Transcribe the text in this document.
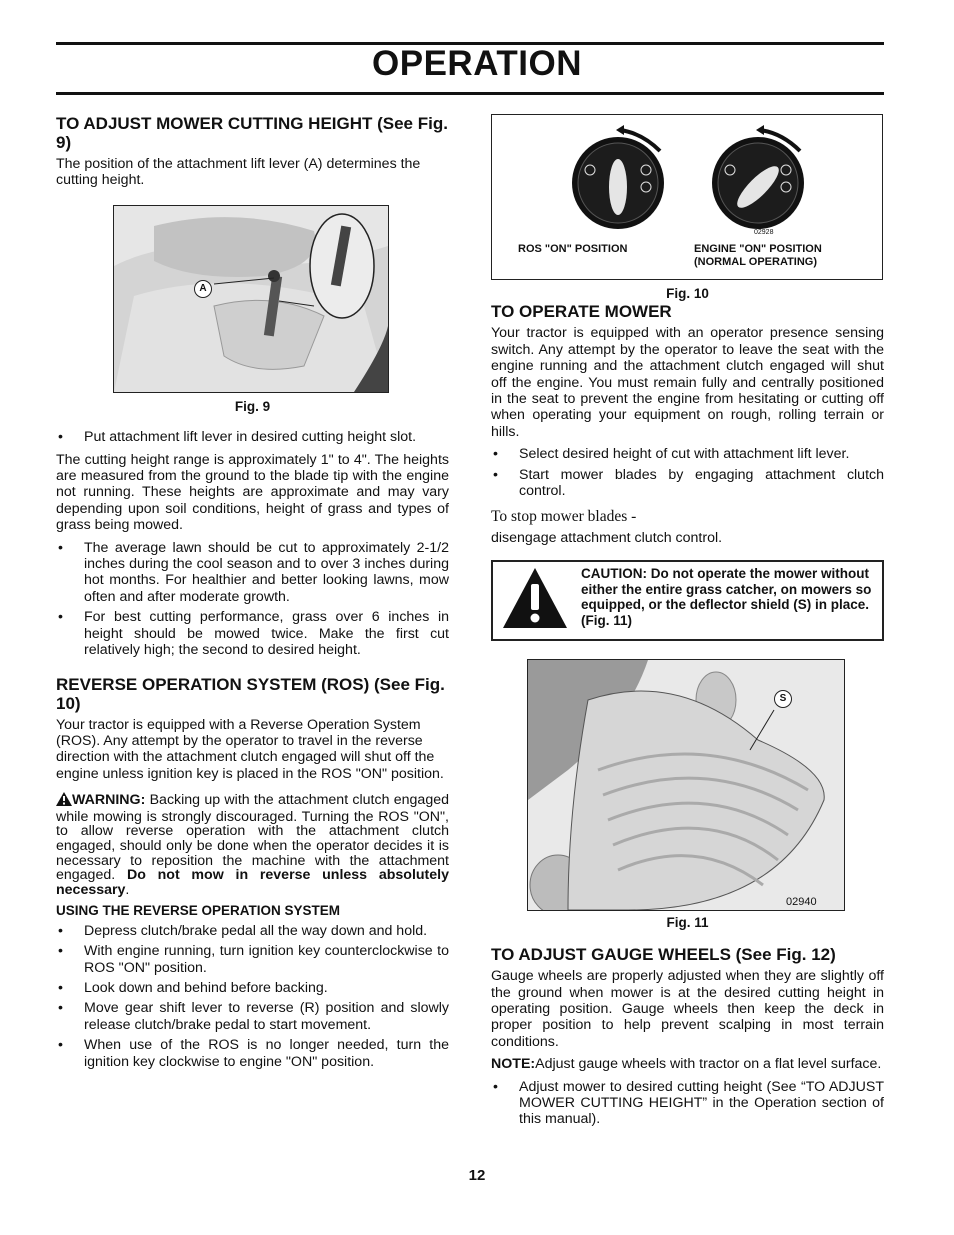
OPERATION
TO ADJUST MOWER CUTTING HEIGHT (See Fig. 9)

The position of the attachment lift lever (A) determines the cutting height.

A
Fig. 9
• Put attachment lift lever in desired cutting height slot.

The cutting height range is approximately 1" to 4". The heights are measured from the ground to the blade tip with the engine not running. These heights are approximate and may vary depending upon soil conditions, height of grass and types of grass being mowed.

• The average lawn should be cut to approximately 2-1/2 inches during the cool season and to over 3 inches during hot months. For healthier and better looking lawns, mow often and after moderate growth.
• For best cutting performance, grass over 6 inches in height should be mowed twice. Make the first cut relatively high; the second to desired height.
REVERSE OPERATION SYSTEM (ROS) (See Fig. 10)

Your tractor is equipped with a Reverse Operation System (ROS). Any attempt by the operator to travel in the reverse direction with the attachment clutch engaged will shut off the engine unless ignition key is placed in the ROS "ON" position.

WARNING: Backing up with the attachment clutch engaged while mowing is strongly discouraged. Turning the ROS "ON", to allow reverse operation with the attachment clutch engaged, should only be done when the operator decides it is necessary to reposition the machine with the attachment engaged. Do not mow in reverse unless absolutely necessary.

USING THE REVERSE OPERATION SYSTEM
• Depress clutch/brake pedal all the way down and hold.
• With engine running, turn ignition key counterclockwise to ROS "ON" position.
• Look down and behind before backing.
• Move gear shift lever to reverse (R) position and slowly release clutch/brake pedal to start movement.
• When use of the ROS is no longer needed, turn the ignition key clockwise to engine "ON" position.
02928
ROS "ON" POSITION	ENGINE "ON" POSITION
(NORMAL OPERATING)
Fig. 10
TO OPERATE MOWER

Your tractor is equipped with an operator presence sensing switch. Any attempt by the operator to leave the seat with the engine running and the attachment clutch engaged will shut off the engine. You must remain fully and centrally positioned in the seat to prevent the engine from hesitating or cutting off when operating your equipment on rough, rolling terrain or hills.

• Select desired height of cut with attachment lift lever.
• Start mower blades by engaging attachment clutch control.

To stop mower blades -

disengage attachment clutch control.

CAUTION: Do not operate the mower without either the entire grass catcher, on mowers so equipped, or the deflector shield (S) in place. (Fig. 11)
S
02940
Fig. 11
TO ADJUST GAUGE WHEELS (See Fig. 12)

Gauge wheels are properly adjusted when they are slightly off the ground when mower is at the desired cutting height in operating position. Gauge wheels then keep the deck in proper position to help prevent scalping in most terrain conditions.

NOTE:Adjust gauge wheels with tractor on a flat level surface.

• Adjust mower to desired cutting height (See “TO ADJUST MOWER CUTTING HEIGHT” in the Operation section of this manual).
12
